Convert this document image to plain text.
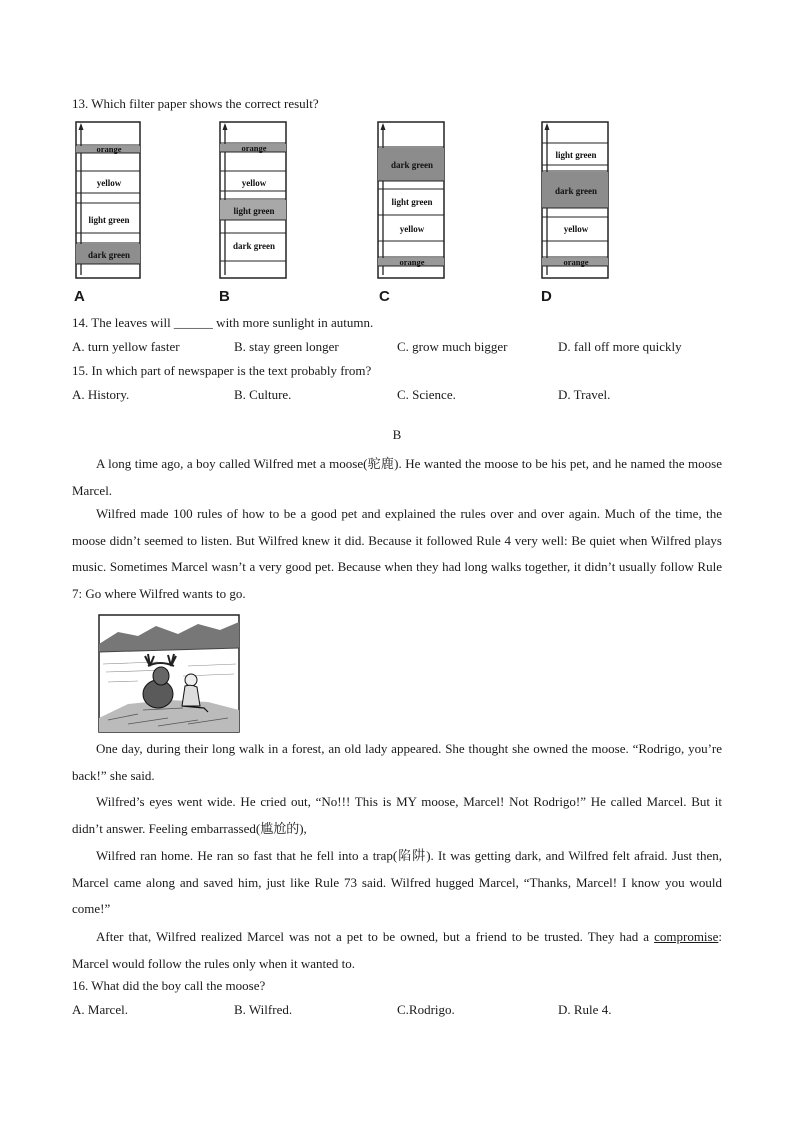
13. Which filter paper shows the correct result?
orange
yellow
light green
dark green
A
orange
yellow
light green
dark green
B
dark green
light green
yellow
orange
C
light green
dark green
yellow
orange
D
14. The leaves will ______ with more sunlight in autumn.
A. turn yellow faster	B. stay green longer	C. grow much bigger	D. fall off more quickly
15. In which part of newspaper is the text probably from?
A. History.	B. Culture.	C. Science.	D. Travel.
B
A long time ago, a boy called Wilfred met a moose(驼鹿). He wanted the moose to be his pet, and he named the moose Marcel.
Wilfred made 100 rules of how to be a good pet and explained the rules over and over again. Much of the time, the moose didn’t seemed to listen. But Wilfred knew it did. Because it followed Rule 4 very well: Be quiet when Wilfred plays music. Sometimes Marcel wasn’t a very good pet. Because when they had long walks together, it didn’t usually follow Rule 7: Go where Wilfred wants to go.
One day, during their long walk in a forest, an old lady appeared. She thought she owned the moose. “Rodrigo, you’re back!” she said.
Wilfred’s eyes went wide. He cried out, “No!!! This is MY moose, Marcel! Not Rodrigo!” He called Marcel. But it didn’t answer. Feeling embarrassed(尴尬的),
Wilfred ran home. He ran so fast that he fell into a trap(陷阱). It was getting dark, and Wilfred felt afraid. Just then, Marcel came along and saved him, just like Rule 73 said. Wilfred hugged Marcel, “Thanks, Marcel! I know you would come!”
After that, Wilfred realized Marcel was not a pet to be owned, but a friend to be trusted. They had a compromise: Marcel would follow the rules only when it wanted to.
16. What did the boy call the moose?
A. Marcel.	B. Wilfred.	C.Rodrigo.	D. Rule 4.
